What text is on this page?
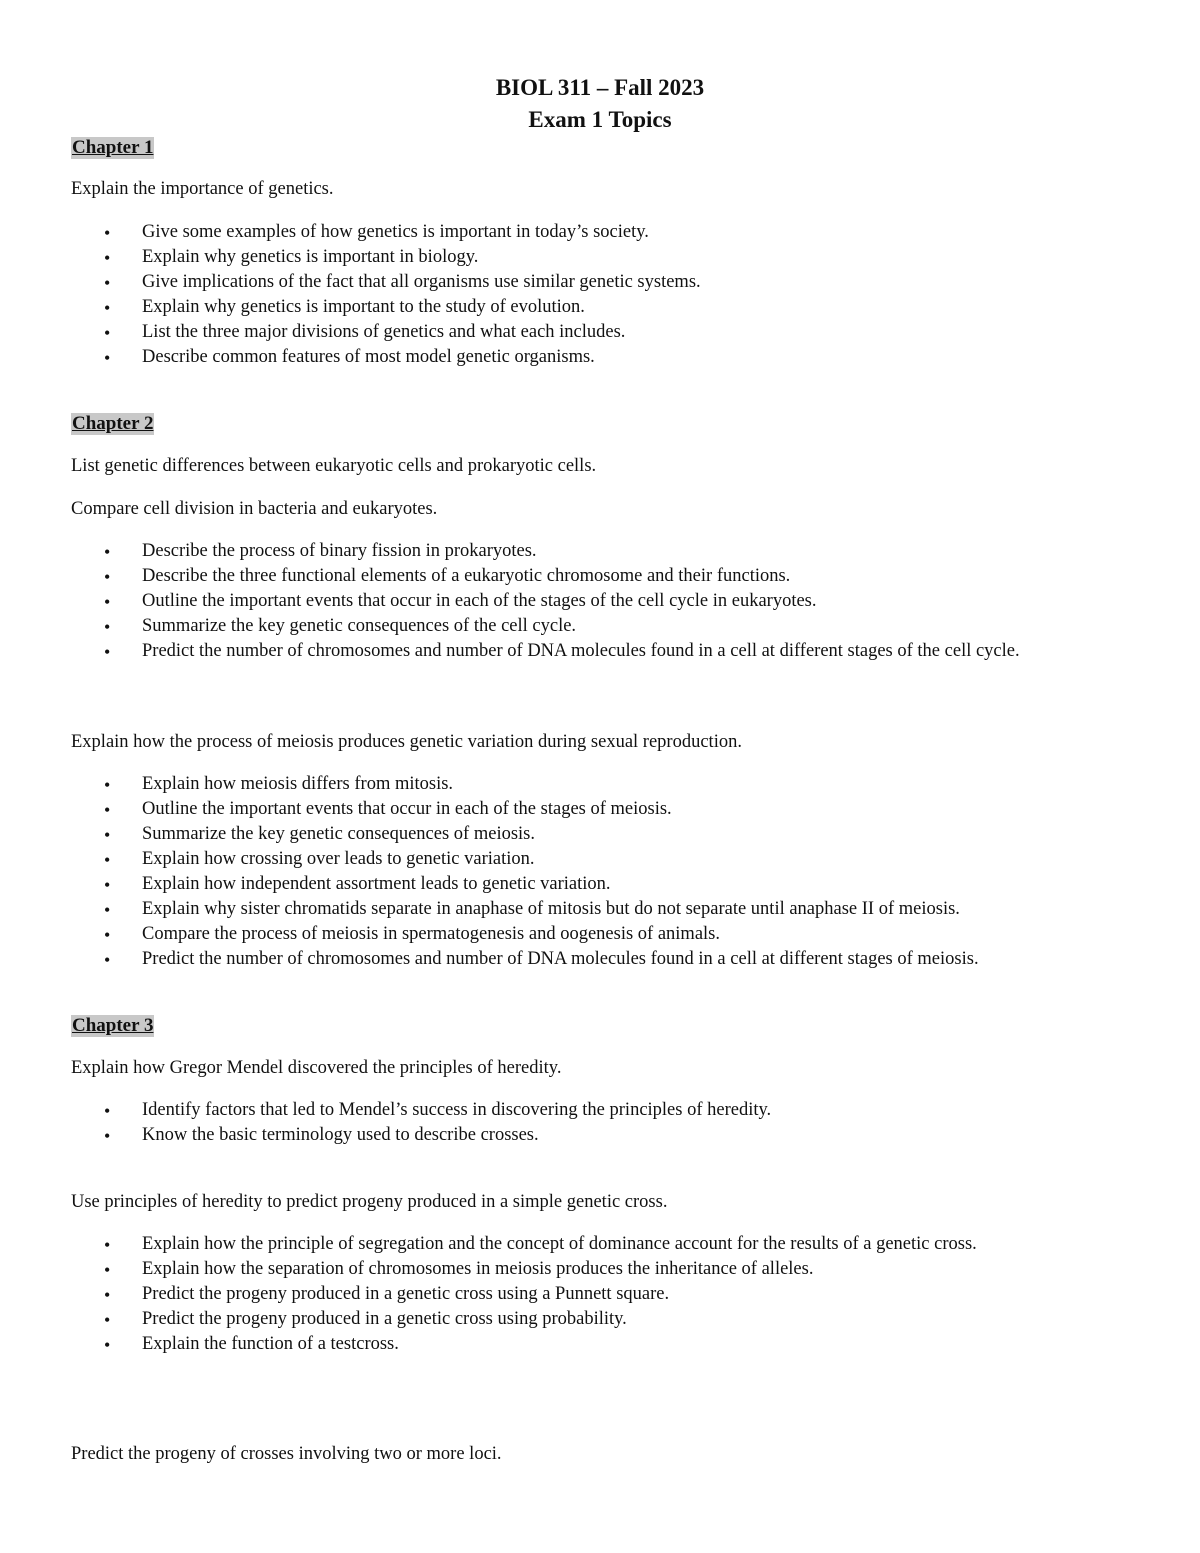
BIOL 311 – Fall 2023
Exam 1 Topics
Chapter 1
Explain the importance of genetics.
• Give some examples of how genetics is important in today’s society.
• Explain why genetics is important in biology.
• Give implications of the fact that all organisms use similar genetic systems.
• Explain why genetics is important to the study of evolution.
• List the three major divisions of genetics and what each includes.
• Describe common features of most model genetic organisms.
Chapter 2
List genetic differences between eukaryotic cells and prokaryotic cells.
Compare cell division in bacteria and eukaryotes.
• Describe the process of binary fission in prokaryotes.
• Describe the three functional elements of a eukaryotic chromosome and their functions.
• Outline the important events that occur in each of the stages of the cell cycle in eukaryotes.
• Summarize the key genetic consequences of the cell cycle.
• Predict the number of chromosomes and number of DNA molecules found in a cell at different stages of the cell cycle.
Explain how the process of meiosis produces genetic variation during sexual reproduction.
• Explain how meiosis differs from mitosis.
• Outline the important events that occur in each of the stages of meiosis.
• Summarize the key genetic consequences of meiosis.
• Explain how crossing over leads to genetic variation.
• Explain how independent assortment leads to genetic variation.
• Explain why sister chromatids separate in anaphase of mitosis but do not separate until anaphase II of meiosis.
• Compare the process of meiosis in spermatogenesis and oogenesis of animals.
• Predict the number of chromosomes and number of DNA molecules found in a cell at different stages of meiosis.
Chapter 3
Explain how Gregor Mendel discovered the principles of heredity.
• Identify factors that led to Mendel’s success in discovering the principles of heredity.
• Know the basic terminology used to describe crosses.
Use principles of heredity to predict progeny produced in a simple genetic cross.
• Explain how the principle of segregation and the concept of dominance account for the results of a genetic cross.
• Explain how the separation of chromosomes in meiosis produces the inheritance of alleles.
• Predict the progeny produced in a genetic cross using a Punnett square.
• Predict the progeny produced in a genetic cross using probability.
• Explain the function of a testcross.
Predict the progeny of crosses involving two or more loci.
